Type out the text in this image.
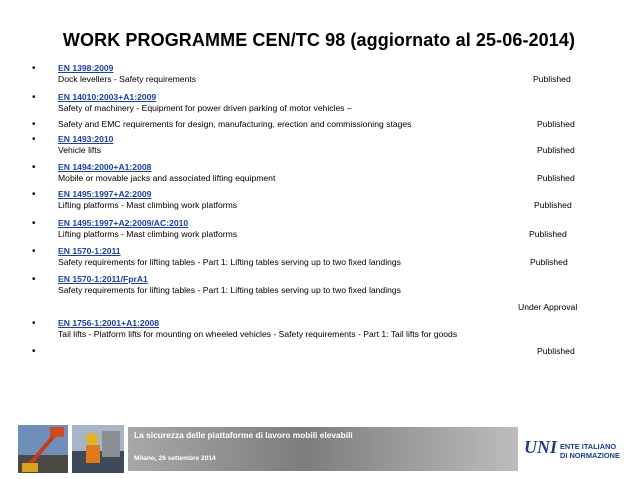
WORK PROGRAMME CEN/TC 98 (aggiornato al 25-06-2014)
•	EN 1398:2009
Dock levellers - Safety requirements	Published
•	EN 14010:2003+A1:2009
Safety of machinery - Equipment for power driven parking of motor vehicles –
•	Safety and EMC requirements for design, manufacturing, erection and commissioning stages	Published
•	EN 1493:2010
Vehicle lifts	Published
•	EN 1494:2000+A1:2008
Mobile or movable jacks and associated lifting equipment	Published
•	EN 1495:1997+A2:2009
Lifting platforms - Mast climbing work platforms	Published
•	EN 1495:1997+A2:2009/AC:2010
Lifting platforms - Mast climbing work platforms	Published
•	EN 1570-1:2011
Safety requirements for lifting tables - Part 1: Lifting tables serving up to two fixed landings	Published
•	EN 1570-1:2011/FprA1
Safety requirements for lifting tables - Part 1: Lifting tables serving up to two fixed landings
Under Approval
•	EN 1756-1:2001+A1:2008
Tail lifts - Platform lifts for mounting on wheeled vehicles - Safety requirements - Part 1: Tail lifts for goods
•	Published
La sicurezza delle piattaforme di lavoro mobili elevabili
Milano, 26 settembre 2014
UNI ENTE ITALIANO
DI NORMAZIONE
